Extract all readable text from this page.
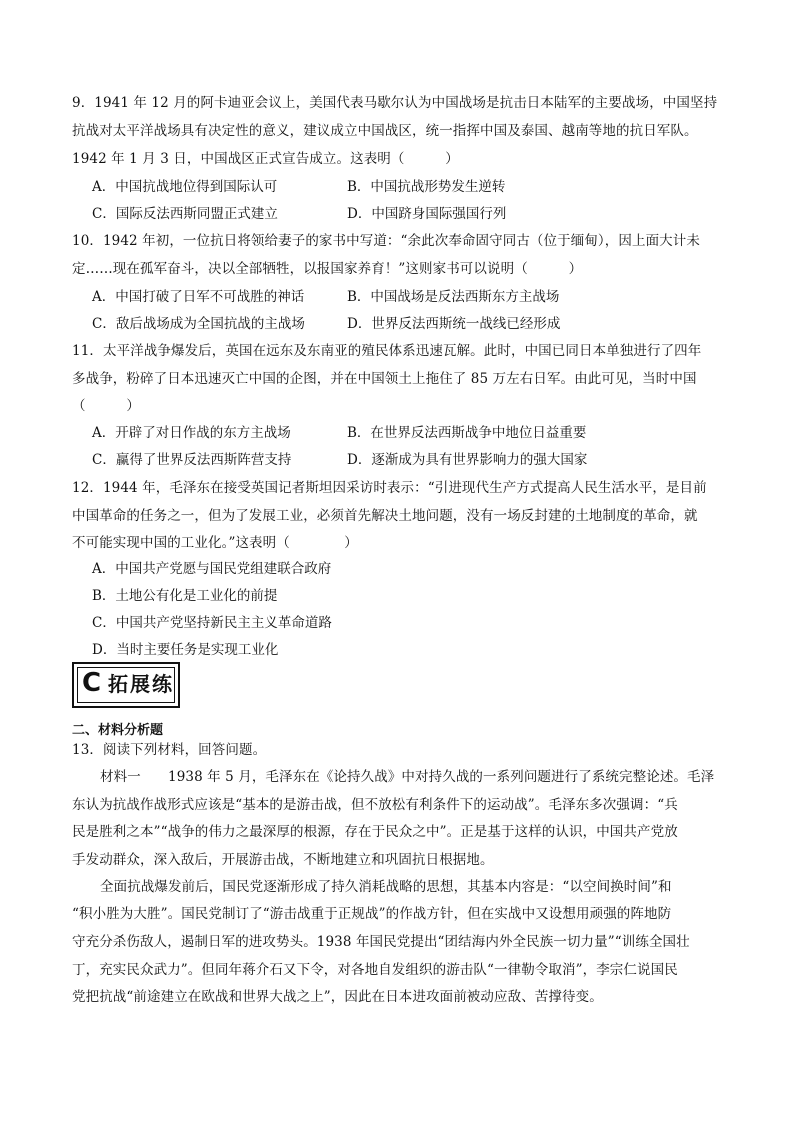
9．1941 年 12 月的阿卡迪亚会议上，美国代表马歇尔认为中国战场是抗击日本陆军的主要战场，中国坚持
抗战对太平洋战场具有决定性的意义，建议成立中国战区，统一指挥中国及泰国、越南等地的抗日军队。
1942 年 1 月 3 日，中国战区正式宣告成立。这表明（　　　）
A．中国抗战地位得到国际认可	B．中国抗战形势发生逆转
C．国际反法西斯同盟正式建立	D．中国跻身国际强国行列
10．1942 年初，一位抗日将领给妻子的家书中写道：“余此次奉命固守同古（位于缅甸），因上面大计未
定……现在孤军奋斗，决以全部牺牲，以报国家养育！”这则家书可以说明（　　　）
A．中国打破了日军不可战胜的神话	B．中国战场是反法西斯东方主战场
C．敌后战场成为全国抗战的主战场	D．世界反法西斯统一战线已经形成
11．太平洋战争爆发后，英国在远东及东南亚的殖民体系迅速瓦解。此时，中国已同日本单独进行了四年
多战争，粉碎了日本迅速灭亡中国的企图，并在中国领土上拖住了 85 万左右日军。由此可见，当时中国
（　　　）
A．开辟了对日作战的东方主战场	B．在世界反法西斯战争中地位日益重要
C．赢得了世界反法西斯阵营支持	D．逐渐成为具有世界影响力的强大国家
12．1944 年，毛泽东在接受英国记者斯坦因采访时表示：“引进现代生产方式提高人民生活水平，是目前
中国革命的任务之一，但为了发展工业，必须首先解决土地问题，没有一场反封建的土地制度的革命，就
不可能实现中国的工业化。”这表明（　　　　）
A．中国共产党愿与国民党组建联合政府
B．土地公有化是工业化的前提
C．中国共产党坚持新民主主义革命道路
D．当时主要任务是实现工业化
C 拓展练
二、材料分析题
13．阅读下列材料，回答问题。
材料一　　1938 年 5 月，毛泽东在《论持久战》中对持久战的一系列问题进行了系统完整论述。毛泽
东认为抗战作战形式应该是“基本的是游击战，但不放松有利条件下的运动战”。毛泽东多次强调：“兵
民是胜利之本”“战争的伟力之最深厚的根源，存在于民众之中”。正是基于这样的认识，中国共产党放
手发动群众，深入敌后，开展游击战，不断地建立和巩固抗日根据地。
全面抗战爆发前后，国民党逐渐形成了持久消耗战略的思想，其基本内容是：“以空间换时间”和
“积小胜为大胜”。国民党制订了“游击战重于正规战”的作战方针，但在实战中又设想用顽强的阵地防
守充分杀伤敌人，遏制日军的进攻势头。1938 年国民党提出“团结海内外全民族一切力量”“训练全国壮
丁，充实民众武力”。但同年蒋介石又下令，对各地自发组织的游击队“一律勒令取消”，李宗仁说国民
党把抗战“前途建立在欧战和世界大战之上”，因此在日本进攻面前被动应敌、苦撑待变。
